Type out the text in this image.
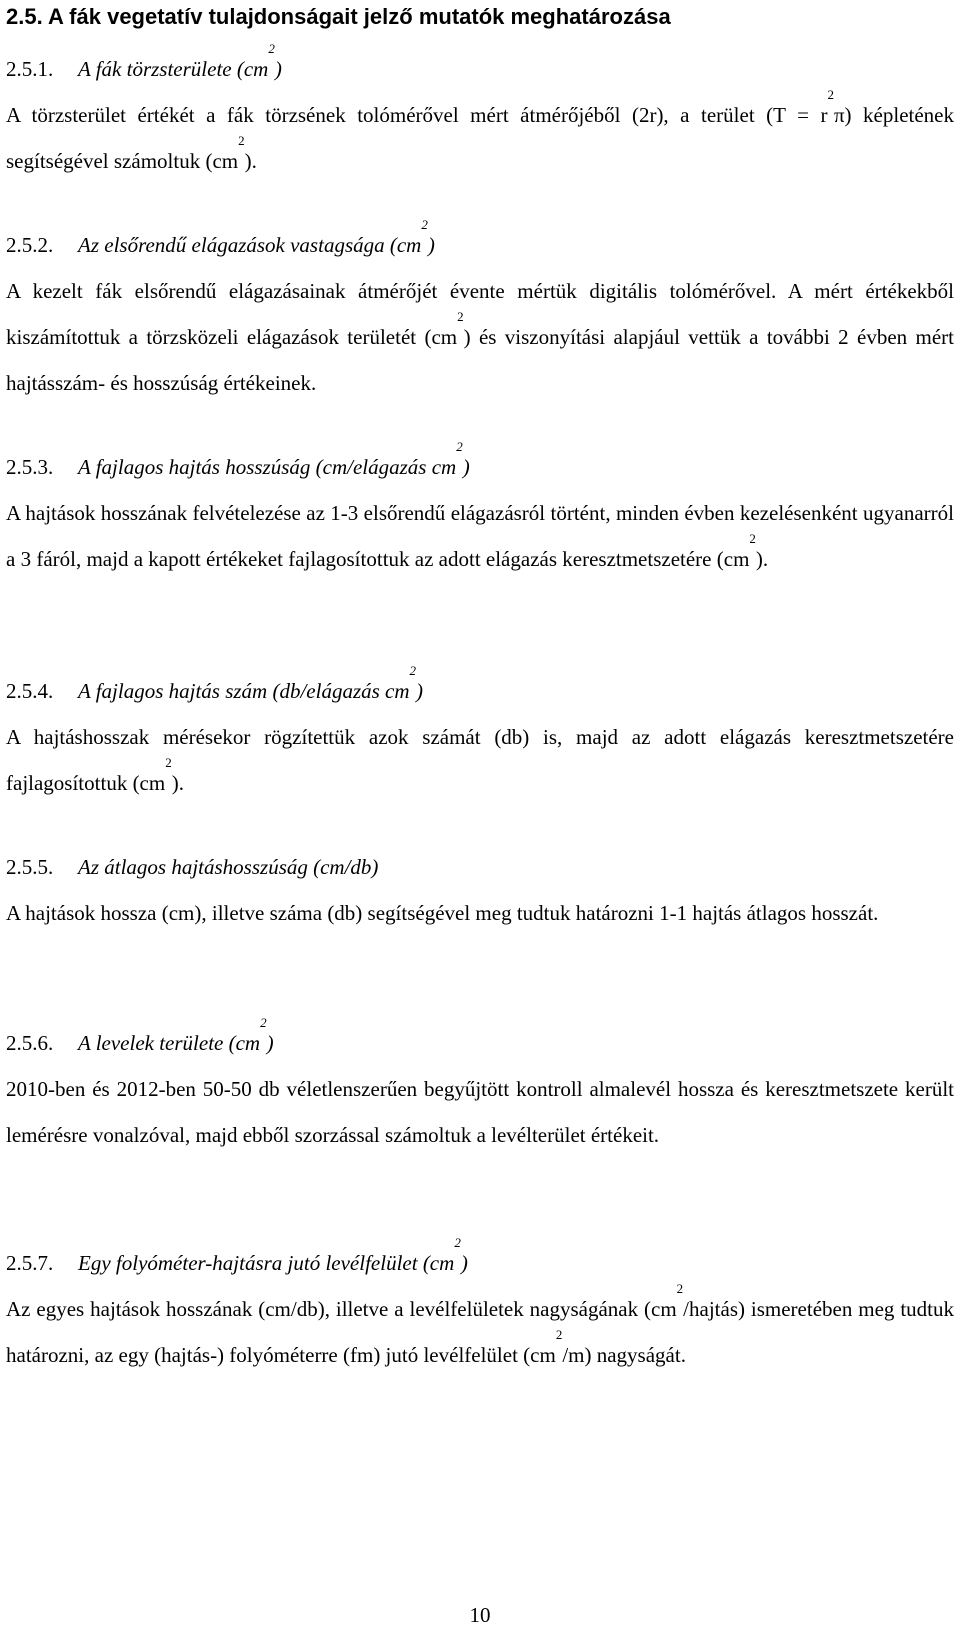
2.5. A fák vegetatív tulajdonságait jelző mutatók meghatározása
2.5.1. A fák törzsterülete $(cm^2)$

A törzsterület értékét a fák törzsének tolómérővel mért átmérőjéből (2r), a terület $(T = r^2\pi)$ képletének segítségével számoltuk $(cm^2)$.

2.5.2. Az elsőrendű elágazások vastagsága $(cm^2)$

A kezelt fák elsőrendű elágazásainak átmérőjét évente mértük digitális tolómérővel. A mért értékekből kiszámítottuk a törzsközeli elágazások területét $(cm^2)$ és viszonyítási alapjául vettük a további 2 évben mért hajtásszám- és hosszúság értékeinek.

2.5.3. A fajlagos hajtás hosszúság (cm/elágazás $cm^2$)

A hajtások hosszának felvételezése az 1-3 elsőrendű elágazásról történt, minden évben kezelésenként ugyanarról a 3 fáról, majd a kapott értékeket fajlagosítottuk az adott elágazás keresztmetszetére $(cm^2)$.

2.5.4. A fajlagos hajtás szám (db/elágazás $cm^2$)

A hajtáshosszak mérésekor rögzítettük azok számát (db) is, majd az adott elágazás keresztmetszetére fajlagosítottuk $(cm^2)$.

2.5.5. Az átlagos hajtáshosszúság (cm/db)

A hajtások hossza (cm), illetve száma (db) segítségével meg tudtuk határozni 1-1 hajtás átlagos hosszát.

2.5.6. A levelek területe $(cm^2)$

2010-ben és 2012-ben 50-50 db véletlenszerűen begyűjtött kontroll almalevél hossza és keresztmetszete került lemérésre vonalzóval, majd ebből szorzással számoltuk a levélterület értékeit.

2.5.7. Egy folyóméter-hajtásra jutó levélfelület $(cm^2)$

Az egyes hajtások hosszának (cm/db), illetve a levélfelületek nagyságának $(cm^2/hajtás)$ ismeretében meg tudtuk határozni, az egy (hajtás-) folyóméterre (fm) jutó levélfelület $(cm^2/m)$ nagyságát.

10
